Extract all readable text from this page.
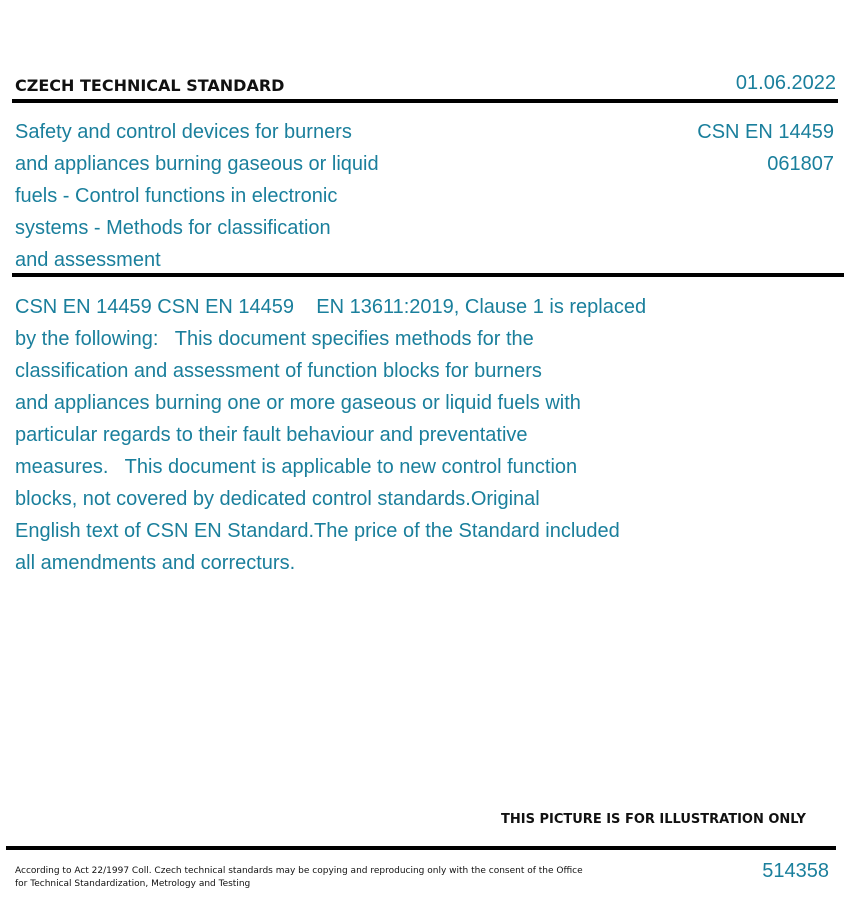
CZECH TECHNICAL STANDARD	01.06.2022
Safety and control devices for burners
and appliances burning gaseous or liquid
fuels - Control functions in electronic
systems - Methods for classification
and assessment
CSN EN 14459
061807
CSN EN 14459 CSN EN 14459    EN 13611:2019, Clause 1 is replaced
by the following:   This document specifies methods for the
classification and assessment of function blocks for burners
and appliances burning one or more gaseous or liquid fuels with
particular regards to their fault behaviour and preventative
measures.   This document is applicable to new control function
blocks, not covered by dedicated control standards.Original
English text of CSN EN Standard.The price of the Standard included
all amendments and correcturs.
THIS PICTURE IS FOR ILLUSTRATION ONLY
According to Act 22/1997 Coll. Czech technical standards may be copying and reproducing only with the consent of the Office
for Technical Standardization, Metrology and Testing
514358
